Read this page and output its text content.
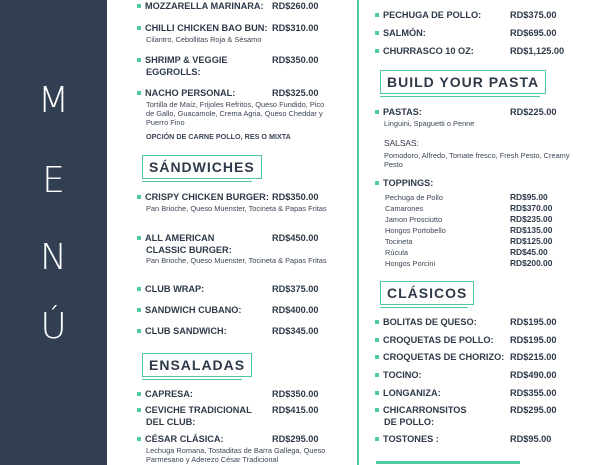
M
E
N
Ú
MOZZARELLA MARINARA: RD$260.00
CHILLI CHICKEN BAO BUN: RD$310.00
Cilantro, Cebollitas Roja & Sésamo
SHRIMP & VEGGIE
EGGROLLS:
RD$350.00
NACHO PERSONAL:	RD$325.00
Tortilla de Maíz, Frijoles Refritos, Queso Fundido, Pico de Gallo, Guacamole, Crema Agria, Queso Cheddar y Puerro Fino
OPCIÓN DE CARNE POLLO, RES O MIXTA
SÁNDWICHES
CRISPY CHICKEN BURGER: RD$350.00
Pan Brioche, Queso Muenster, Tocineta & Papas Fritas
ALL AMERICAN
CLASSIC BURGER:
RD$450.00
Pan Brioche, Queso Muenster, Tocineta & Papas Fritas
CLUB WRAP:	RD$375.00
SANDWICH CUBANO:	RD$400.00
CLUB SANDWICH:	RD$345.00
ENSALADAS
CAPRESA:	RD$350.00
CEVICHE TRADICIONAL
DEL CLUB:
RD$415.00
CÉSAR CLÁSICA:	RD$295.00
Lechuga Romana, Tostaditas de Barra Gallega, Queso Parmesano y Aderezo César Tradicional
PECHUGA DE POLLO:	RD$375.00
SALMÓN:	RD$695.00
CHURRASCO 10 OZ:	RD$1,125.00
BUILD YOUR PASTA
PASTAS:	RD$225.00
Linguini, Spaguetti o Penne
SALSAS:
Pomodoro, Alfredo, Tomate fresco, Fresh Pesto, Creamy Pesto
TOPPINGS:
Pechuga de Pollo	RD$95.00
Camarones	RD$370.00
Jamon Prosciutto	RD$235.00
Hongos Portobello	RD$135.00
Tocineta	RD$125.00
Rúcula	RD$45.00
Hongos Porcini	RD$200.00
CLÁSICOS
BOLITAS DE QUESO:	RD$195.00
CROQUETAS DE POLLO: RD$195.00
CROQUETAS DE CHORIZO: RD$215.00
TOCINO:	RD$490.00
LONGANIZA:	RD$355.00
CHICARRONSITOS
DE POLLO:
RD$295.00
TOSTONES :	RD$95.00
